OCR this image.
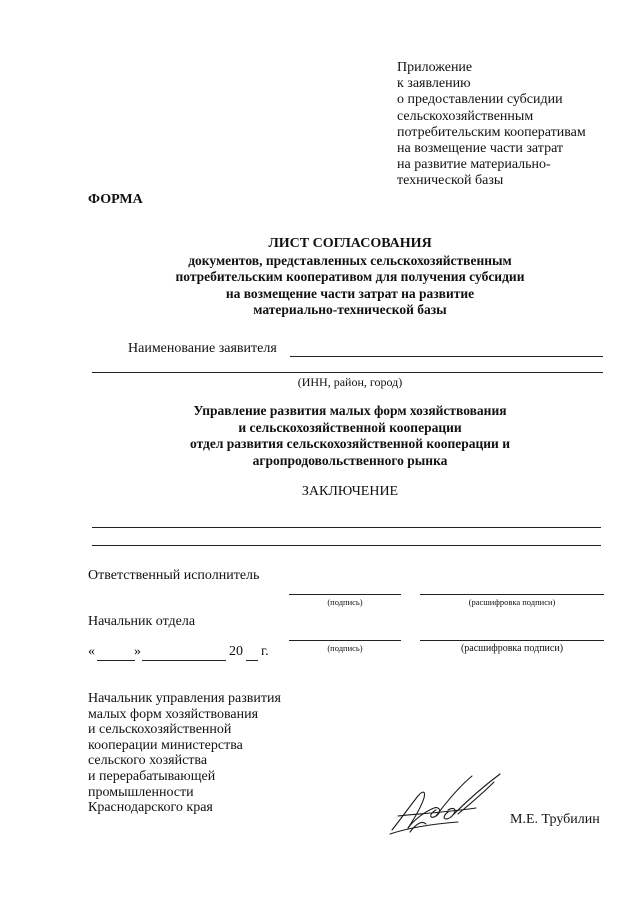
Приложение
к заявлению
о предоставлении субсидии
сельскохозяйственным
потребительским кооперативам
на возмещение части затрат
на развитие материально-
технической базы
ФОРМА
ЛИСТ СОГЛАСОВАНИЯ
документов, представленных сельскохозяйственным
потребительским кооперативом для получения субсидии
на возмещение части затрат на развитие
материально-технической базы
Наименование заявителя
(ИНН, район, город)
Управление развития малых форм хозяйствования
и сельскохозяйственной кооперации
отдел развития сельскохозяйственной кооперации и
агропродовольственного рынка
ЗАКЛЮЧЕНИЕ
Ответственный исполнитель
(подпись)	(расшифровка подписи)
Начальник отдела
(подпись)	(расшифровка подписи)
«	»	20 г.
Начальник управления развития
малых форм хозяйствования
и сельскохозяйственной
кооперации министерства
сельского хозяйства
и перерабатывающей
промышленности
Краснодарского края
М.Е. Трубилин
